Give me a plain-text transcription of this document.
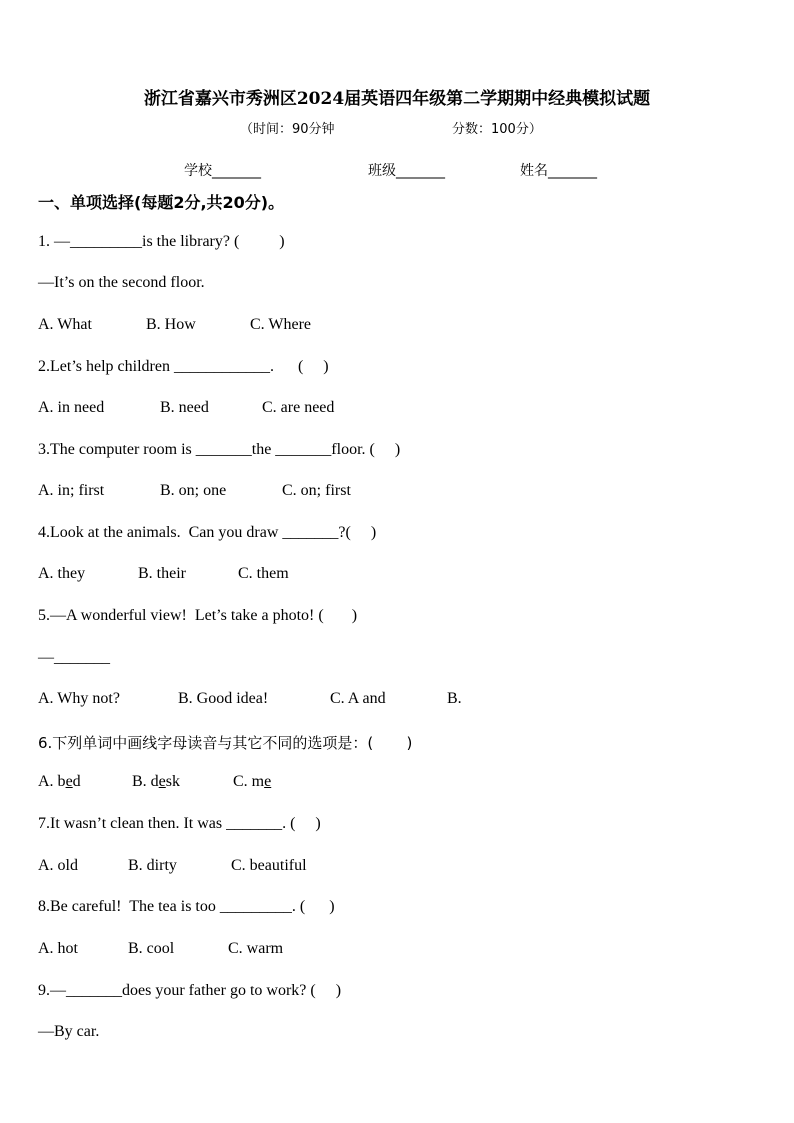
浙江省嘉兴市秀洲区2024届英语四年级第二学期期中经典模拟试题
（时间：90分钟	分数：100分）
学校_______	班级_______	姓名_______
一、单项选择(每题2分,共20分)。
1. —_________is the library? (          )
—It’s on the second floor.
A. What	B. How	C. Where
2.Let’s help children ____________.      (     )
A. in need	B. need	C. are need
3.The computer room is _______the _______floor. (     )
A. in; first	B. on; one	C. on; first
4.Look at the animals.  Can you draw _______?(     )
A. they	B. their	C. them
5.—A wonderful view!  Let’s take a photo! (       )
—_______
A. Why not?	B. Good idea!	C. A and	B.
6.下列单词中画线字母读音与其它不同的选项是：(       )
A. bed	B. desk	C. me
7.It wasn’t clean then. It was _______. (     )
A. old	B. dirty	C. beautiful
8.Be careful!  The tea is too _________. (      )
A. hot	B. cool	C. warm
9.—_______does your father go to work? (     )
—By car.
